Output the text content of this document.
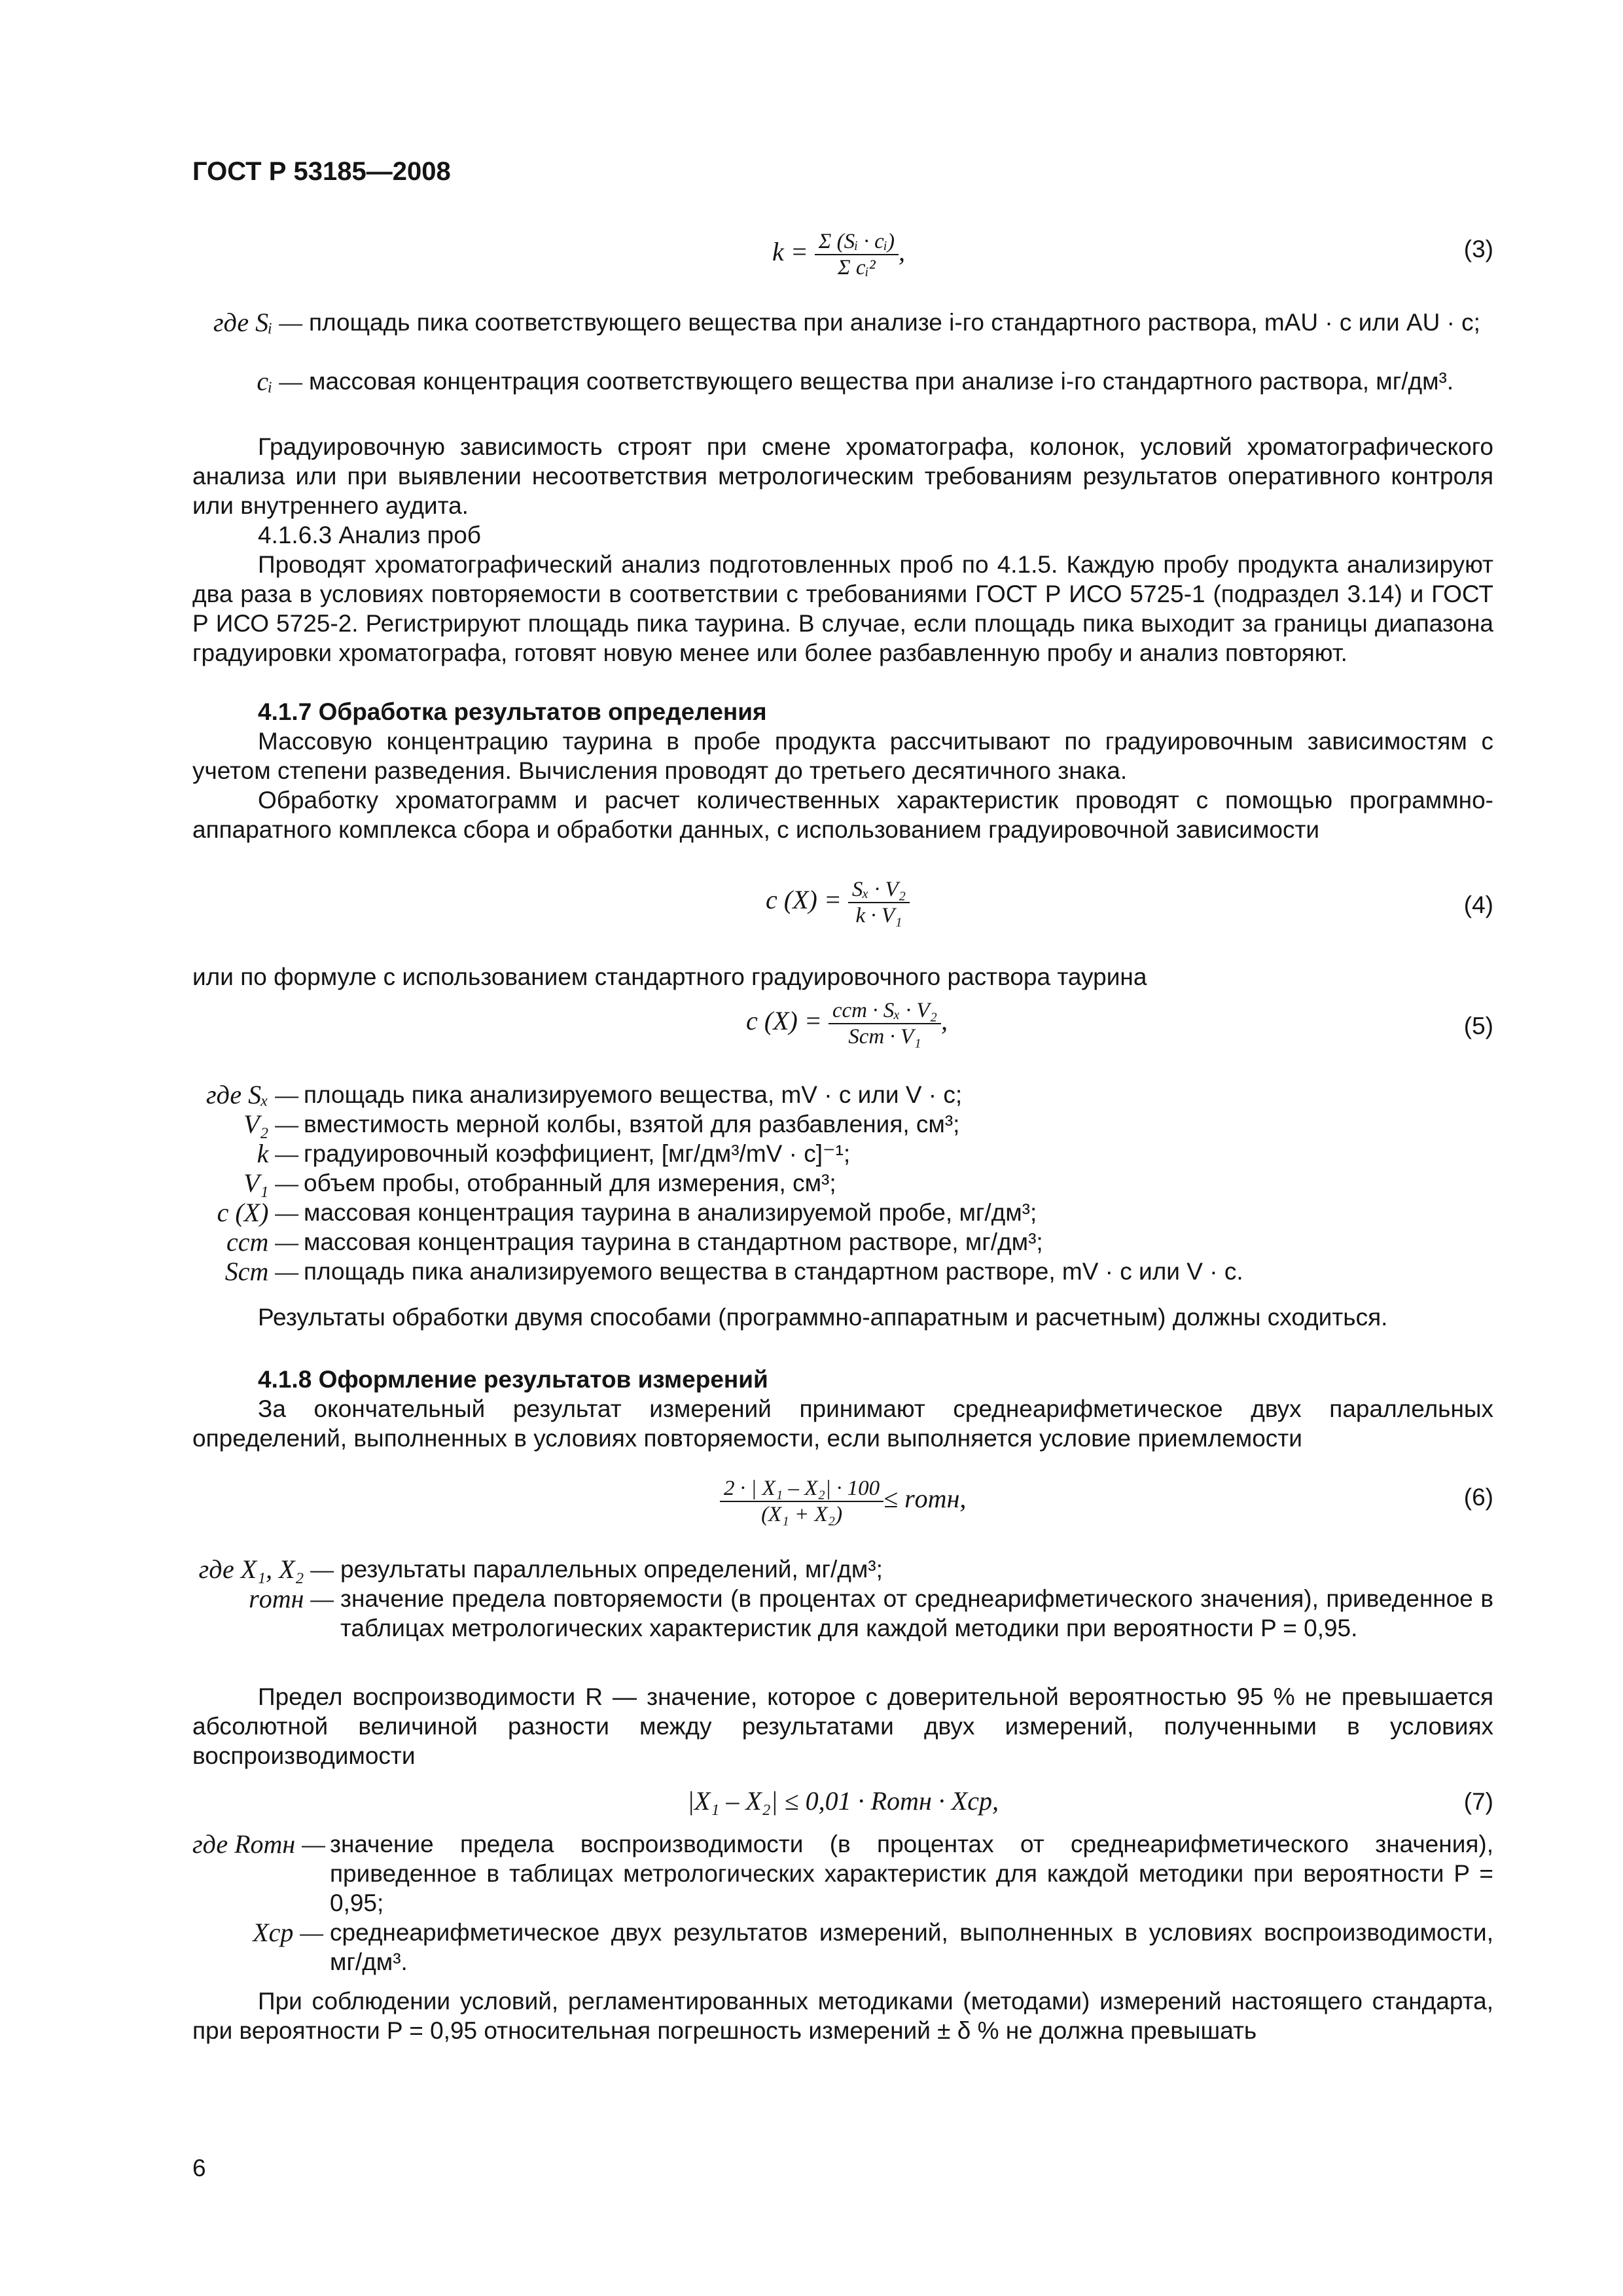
ГОСТ Р 53185—2008
$k = \frac{\text{Σ (Sᵢ · cᵢ)}}{\text{Σ cᵢ²}}$ ,	(3)
где Sᵢ — площадь пика соответствующего вещества при анализе i-го стандартного раствора, mAU · с или AU · с;
cᵢ — массовая концентрация соответствующего вещества при анализе i-го стандартного раствора, мг/дм³.
Градуировочную зависимость строят при смене хроматографа, колонок, условий хроматографического анализа или при выявлении несоответствия метрологическим требованиям результатов оперативного контроля или внутреннего аудита.
4.1.6.3 Анализ проб
Проводят хроматографический анализ подготовленных проб по 4.1.5. Каждую пробу продукта анализируют два раза в условиях повторяемости в соответствии с требованиями ГОСТ Р ИСО 5725-1 (подраздел 3.14) и ГОСТ Р ИСО 5725-2. Регистрируют площадь пика таурина. В случае, если площадь пика выходит за границы диапазона градуировки хроматографа, готовят новую менее или более разбавленную пробу и анализ повторяют.
4.1.7 Обработка результатов определения
Массовую концентрацию таурина в пробе продукта рассчитывают по градуировочным зависимостям с учетом степени разведения. Вычисления проводят до третьего десятичного знака.
Обработку хроматограмм и расчет количественных характеристик проводят с помощью программно-аппаратного комплекса сбора и обработки данных, с использованием градуировочной зависимости
c $(X) = \frac{\text{Sₓ · V₂}}{\text{k · V₁}}$	(4)
или по формуле с использованием стандартного градуировочного раствора таурина
c $(X) = \frac{\text{cст · Sₓ · V₂}}{\text{Sст · V₁}}$ ,	(5)
где Sₓ — площадь пика анализируемого вещества, mV · с или V · с;
V₂ — вместимость мерной колбы, взятой для разбавления, см³;
k — градуировочный коэффициент, [мг/дм³/mV · с]⁻¹;
V₁ — объем пробы, отобранный для измерения, см³;
c (X) — массовая концентрация таурина в анализируемой пробе, мг/дм³;
cст — массовая концентрация таурина в стандартном растворе, мг/дм³;
Sст — площадь пика анализируемого вещества в стандартном растворе, mV · с или V · с.
Результаты обработки двумя способами (программно-аппаратным и расчетным) должны сходиться.
4.1.8 Оформление результатов измерений
За окончательный результат измерений принимают среднеарифметическое двух параллельных определений, выполненных в условиях повторяемости, если выполняется условие приемлемости
$\frac{\text{2 · | X₁ – X₂| · 100}}{\text{(X₁ + X₂)}}$ ≤ rотн,	(6)
где X₁, X₂ — результаты параллельных определений, мг/дм³;
rотн — значение предела повторяемости (в процентах от среднеарифметического значения), приведенное в таблицах метрологических характеристик для каждой методики при вероятности P = 0,95.
Предел воспроизводимости R — значение, которое с доверительной вероятностью 95 % не превышается абсолютной величиной разности между результатами двух измерений, полученными в условиях воспроизводимости
|X₁ – X₂| ≤ 0,01 · Rотн · Xср,	(7)
где Rотн — значение предела воспроизводимости (в процентах от среднеарифметического значения), приведенное в таблицах метрологических характеристик для каждой методики при вероятности P = 0,95;
Xср — среднеарифметическое двух результатов измерений, выполненных в условиях воспроизводимости, мг/дм³.
При соблюдении условий, регламентированных методиками (методами) измерений настоящего стандарта, при вероятности P = 0,95 относительная погрешность измерений ± δ % не должна превышать
6
